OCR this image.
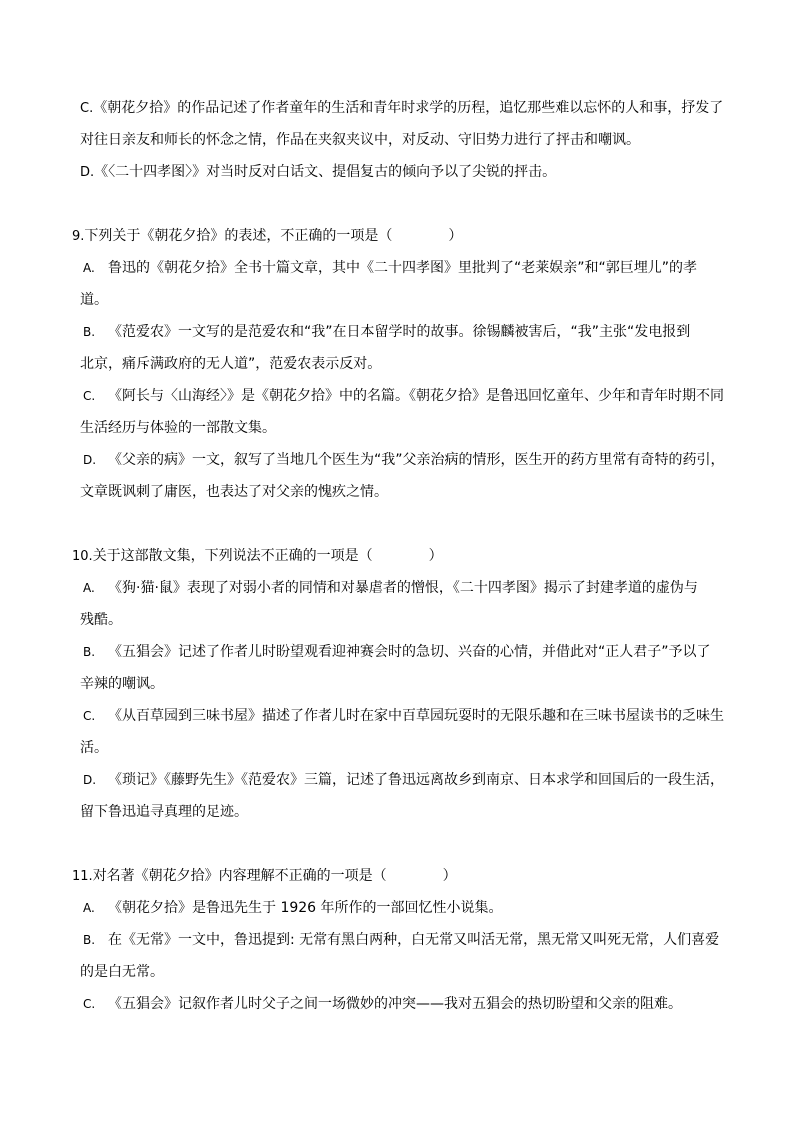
C.《朝花夕拾》的作品记述了作者童年的生活和青年时求学的历程，追忆那些难以忘怀的人和事，抒发了
对往日亲友和师长的怀念之情，作品在夹叙夹议中，对反动、守旧势力进行了抨击和嘲讽。
D.《〈二十四孝图〉》对当时反对白话文、提倡复古的倾向予以了尖锐的抨击。
9.下列关于《朝花夕拾》的表述，不正确的一项是（　　　　）
A. 鲁迅的《朝花夕拾》全书十篇文章，其中《二十四孝图》里批判了“老莱娱亲”和“郭巨埋儿”的孝
道。
B. 《范爱农》一文写的是范爱农和“我”在日本留学时的故事。徐锡麟被害后，“我”主张“发电报到
北京，痛斥满政府的无人道”，范爱农表示反对。
C. 《阿长与〈山海经〉》是《朝花夕拾》中的名篇。《朝花夕拾》是鲁迅回忆童年、少年和青年时期不同
生活经历与体验的一部散文集。
D. 《父亲的病》一文，叙写了当地几个医生为“我”父亲治病的情形，医生开的药方里常有奇特的药引，
文章既讽刺了庸医，也表达了对父亲的愧疚之情。
10.关于这部散文集，下列说法不正确的一项是（　　　　）
A. 《狗·猫·鼠》表现了对弱小者的同情和对暴虐者的憎恨，《二十四孝图》揭示了封建孝道的虚伪与
残酷。
B. 《五猖会》记述了作者儿时盼望观看迎神赛会时的急切、兴奋的心情，并借此对“正人君子”予以了
辛辣的嘲讽。
C. 《从百草园到三味书屋》描述了作者儿时在家中百草园玩耍时的无限乐趣和在三味书屋读书的乏味生
活。
D. 《琐记》《藤野先生》《范爱农》三篇，记述了鲁迅远离故乡到南京、日本求学和回国后的一段生活，
留下鲁迅追寻真理的足迹。
11.对名著《朝花夕拾》内容理解不正确的一项是（　　　　）
A. 《朝花夕拾》是鲁迅先生于 1926 年所作的一部回忆性小说集。
B. 在《无常》一文中，鲁迅提到: 无常有黑白两种，白无常又叫活无常，黑无常又叫死无常，人们喜爱
的是白无常。
C. 《五猖会》记叙作者儿时父子之间一场微妙的冲突——我对五猖会的热切盼望和父亲的阻难。
